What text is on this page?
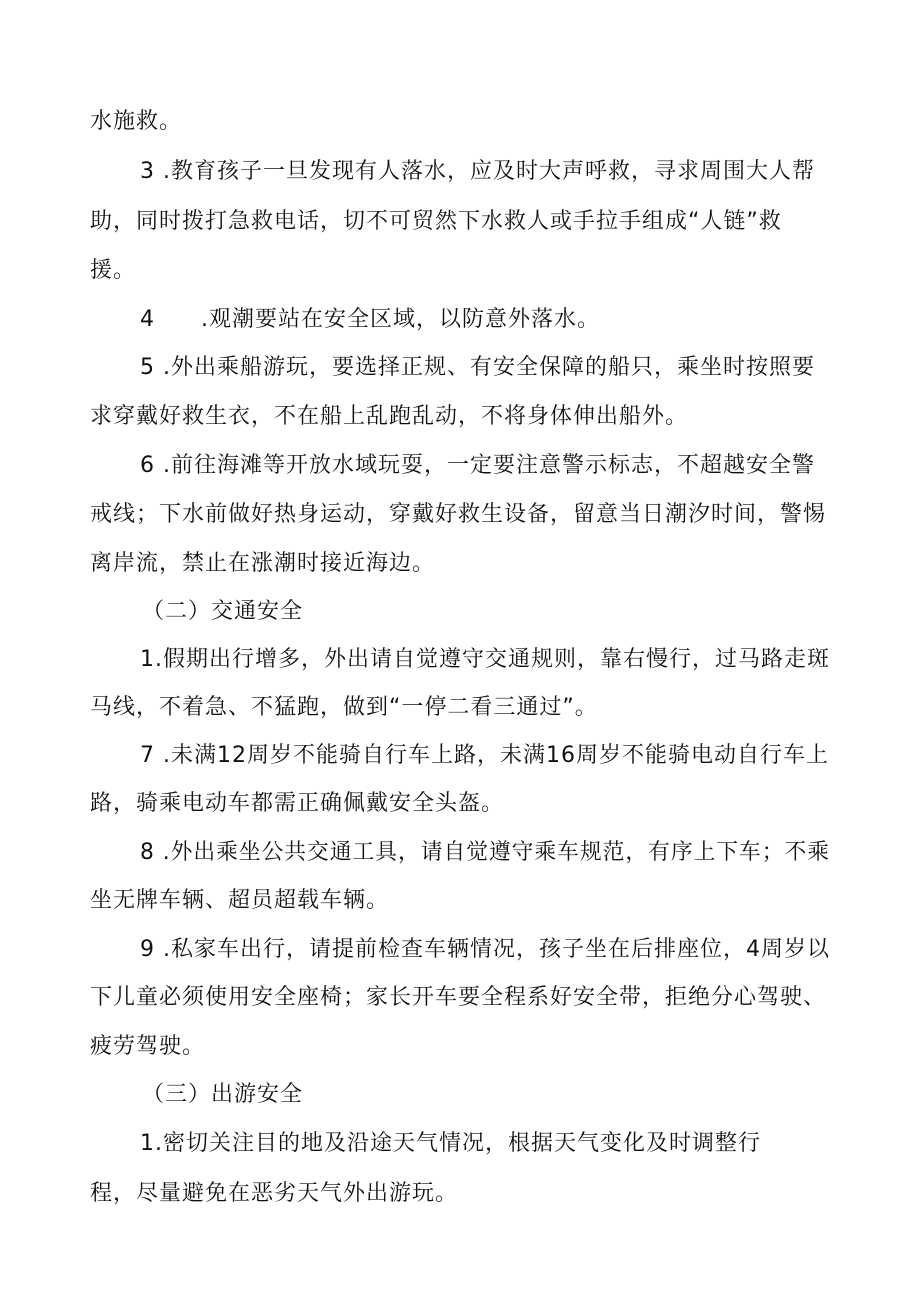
水施救。
3 .教育孩子一旦发现有人落水，应及时大声呼救，寻求周围大人帮
助，同时拨打急救电话，切不可贸然下水救人或手拉手组成“人链”救
援。
4　　.观潮要站在安全区域，以防意外落水。
5 .外出乘船游玩，要选择正规、有安全保障的船只，乘坐时按照要
求穿戴好救生衣，不在船上乱跑乱动，不将身体伸出船外。
6 .前往海滩等开放水域玩耍，一定要注意警示标志，不超越安全警
戒线；下水前做好热身运动，穿戴好救生设备，留意当日潮汐时间，警惕
离岸流，禁止在涨潮时接近海边。
（二）交通安全
1.假期出行增多，外出请自觉遵守交通规则，靠右慢行，过马路走斑
马线，不着急、不猛跑，做到“一停二看三通过”。
7 .未满12周岁不能骑自行车上路，未满16周岁不能骑电动自行车上
路，骑乘电动车都需正确佩戴安全头盔。
8 .外出乘坐公共交通工具，请自觉遵守乘车规范，有序上下车；不乘
坐无牌车辆、超员超载车辆。
9 .私家车出行，请提前检查车辆情况，孩子坐在后排座位，4周岁以
下儿童必须使用安全座椅；家长开车要全程系好安全带，拒绝分心驾驶、
疲劳驾驶。
（三）出游安全
1.密切关注目的地及沿途天气情况，根据天气变化及时调整行
程，尽量避免在恶劣天气外出游玩。
